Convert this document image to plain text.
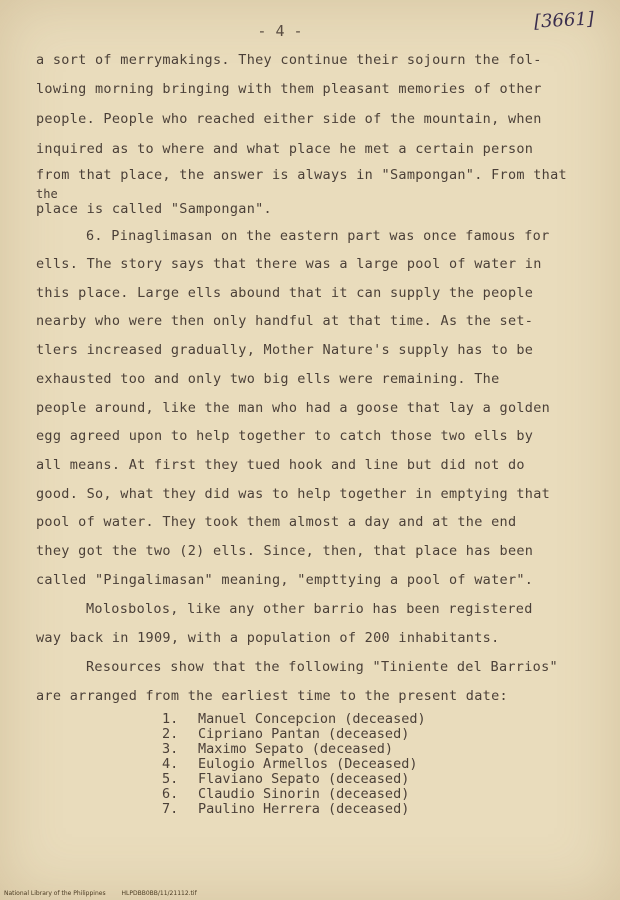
- 4 -	[3661]
a sort of merrymakings. They continue their sojourn the fol-
lowing morning bringing with them pleasant memories of other
people. People who reached either side of the mountain, when
inquired as to where and what place he met a certain person
from that place, the answer is always in "Sampongan". From that
the
place is called "Sampongan".
6. Pinaglimasan on the eastern part was once famous for
ells. The story says that there was a large pool of water in
this place. Large ells abound that it can supply the people
nearby who were then only handful at that time. As the set-
tlers increased gradually, Mother Nature's supply has to be
exhausted too and only two big ells were remaining. The
people around, like the man who had a goose that lay a golden
egg agreed upon to help together to catch those two ells by
all means. At first they tued hook and line but did not do
good. So, what they did was to help together in emptying that
pool of water. They took them almost a day and at the end
they got the two (2) ells. Since, then, that place has been
called "Pingalimasan" meaning, "empttying a pool of water".
Molosbolos, like any other barrio has been registered
way back in 1909, with a population of 200 inhabitants.
Resources show that the following "Tiniente del Barrios"
are arranged from the earliest time to the present date:
1. Manuel Concepcion (deceased)
2. Cipriano Pantan (deceased)
3. Maximo Sepato (deceased)
4. Eulogio Armellos (Deceased)
5. Flaviano Sepato (deceased)
6. Claudio Sinorin (deceased)
7. Paulino Herrera (deceased)
National Library of the Philippines	HLPDBB0BB/11/21112.tif
